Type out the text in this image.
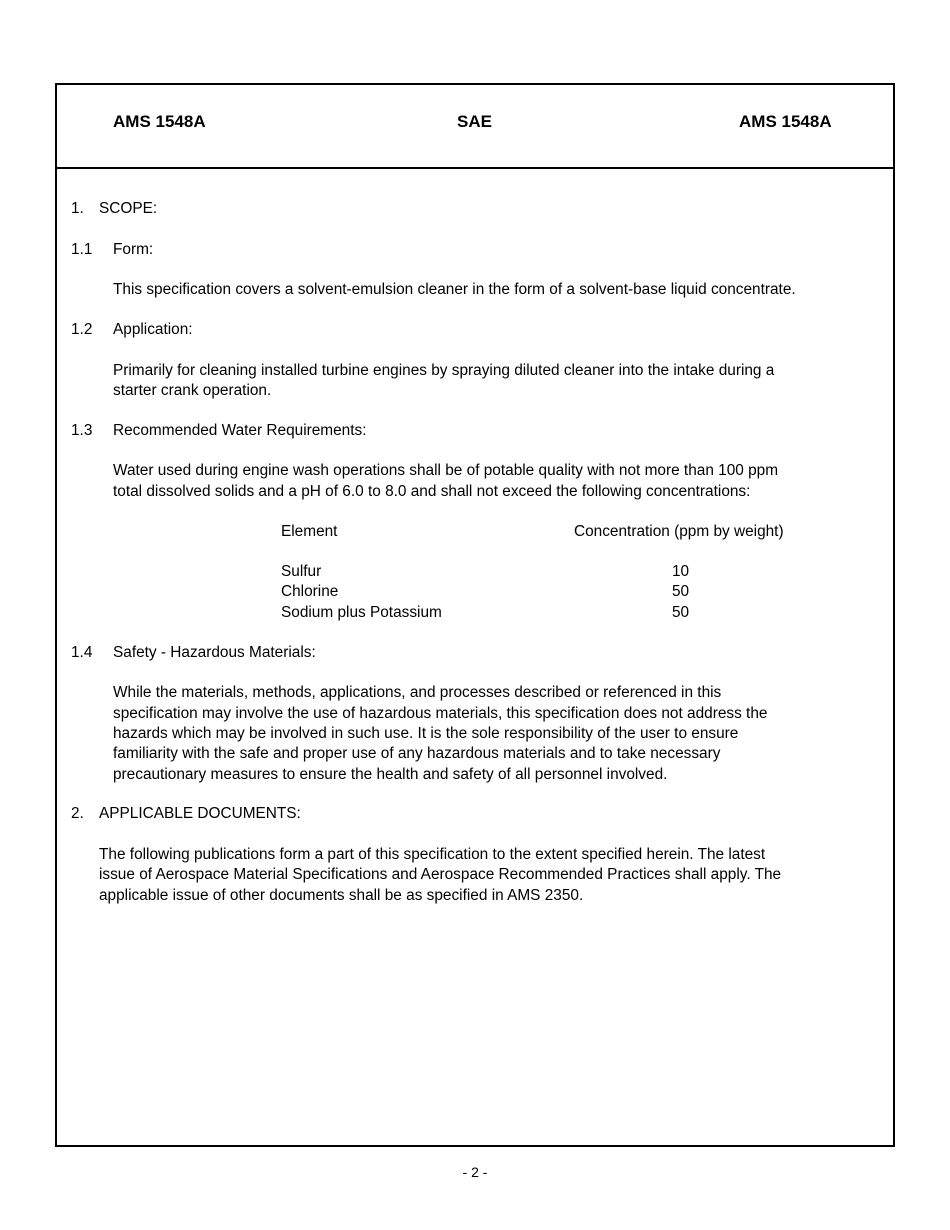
AMS 1548A	SAE	AMS 1548A
1. SCOPE:
1.1 Form:
This specification covers a solvent-emulsion cleaner in the form of a solvent-base liquid concentrate.
1.2 Application:
Primarily for cleaning installed turbine engines by spraying diluted cleaner into the intake during a
starter crank operation.
1.3 Recommended Water Requirements:
Water used during engine wash operations shall be of potable quality with not more than 100 ppm
total dissolved solids and a pH of 6.0 to 8.0 and shall not exceed the following concentrations:
Element	Concentration (ppm by weight)
Sulfur	10
Chlorine	50
Sodium plus Potassium	50
1.4 Safety - Hazardous Materials:
While the materials, methods, applications, and processes described or referenced in this
specification may involve the use of hazardous materials, this specification does not address the
hazards which may be involved in such use. It is the sole responsibility of the user to ensure
familiarity with the safe and proper use of any hazardous materials and to take necessary
precautionary measures to ensure the health and safety of all personnel involved.
2. APPLICABLE DOCUMENTS:
The following publications form a part of this specification to the extent specified herein. The latest
issue of Aerospace Material Specifications and Aerospace Recommended Practices shall apply. The
applicable issue of other documents shall be as specified in AMS 2350.
- 2 -
